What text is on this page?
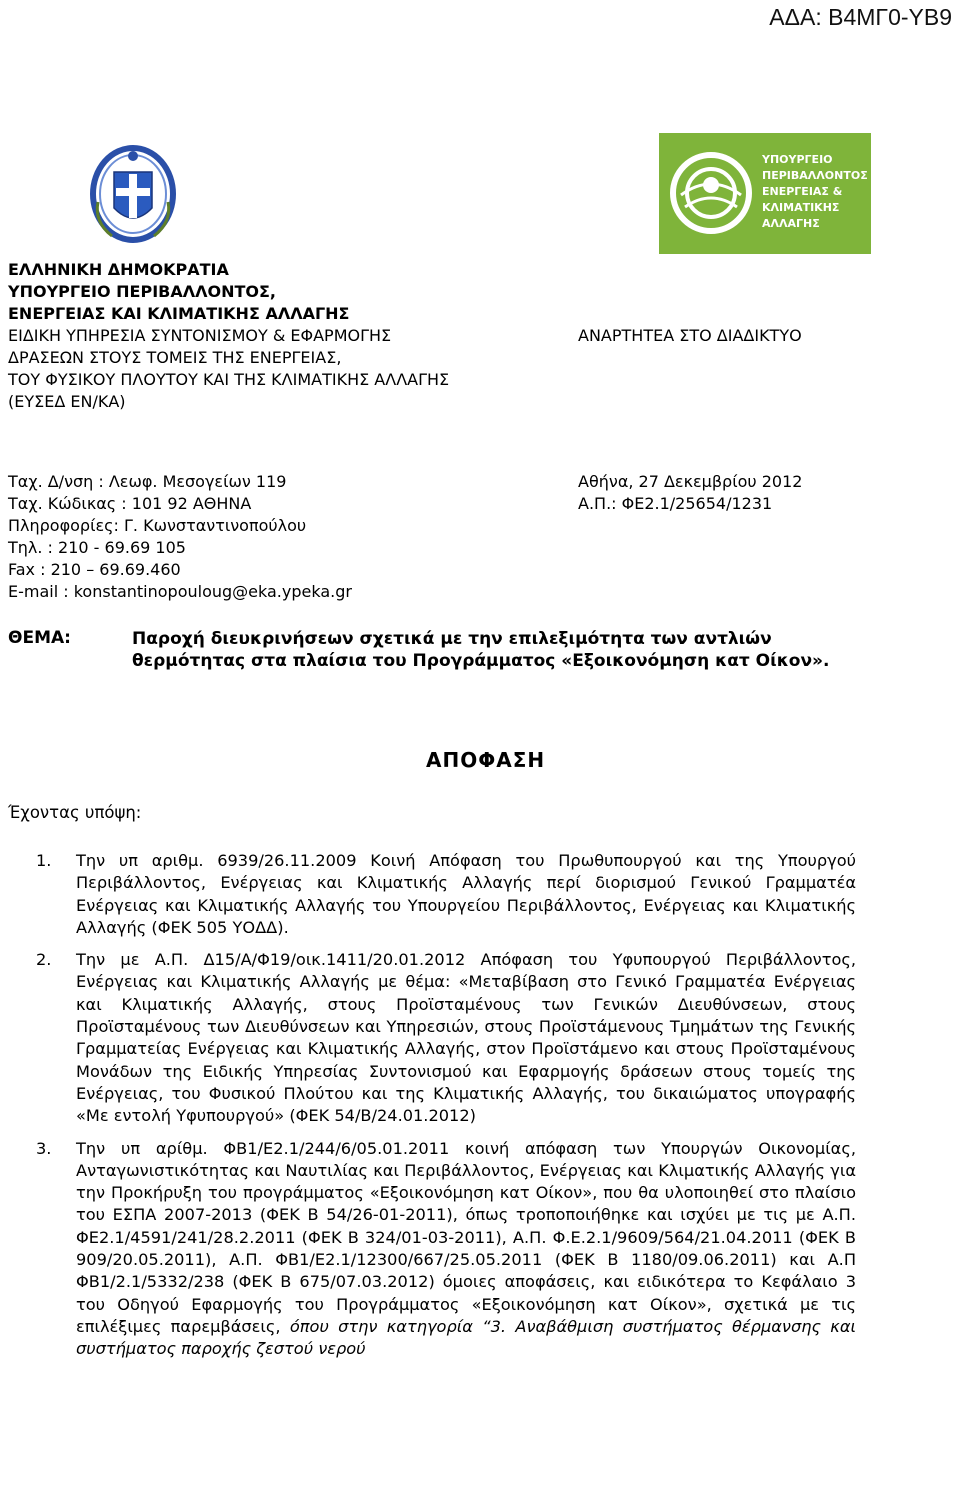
ΑΔΑ: Β4ΜΓ0-ΥΒ9
ΥΠΟΥΡΓΕΙΟ
ΠΕΡΙΒΑΛΛΟΝΤΟΣ
ΕΝΕΡΓΕΙΑΣ &
ΚΛΙΜΑΤΙΚΗΣ
ΑΛΛΑΓΗΣ
ΕΛΛΗΝΙΚΗ ΔΗΜΟΚΡΑΤΙΑ
ΥΠΟΥΡΓΕΙΟ ΠΕΡΙΒΑΛΛΟΝΤΟΣ,
ΕΝΕΡΓΕΙΑΣ ΚΑΙ ΚΛΙΜΑΤΙΚΗΣ ΑΛΛΑΓΗΣ
ΕΙΔΙΚΗ ΥΠΗΡΕΣΙΑ ΣΥΝΤΟΝΙΣΜΟΥ & ΕΦΑΡΜΟΓΗΣ
ΔΡΑΣΕΩΝ ΣΤΟΥΣ ΤΟΜΕΙΣ ΤΗΣ ΕΝΕΡΓΕΙΑΣ,
ΤΟΥ ΦΥΣΙΚΟΥ ΠΛΟΥΤΟΥ ΚΑΙ ΤΗΣ ΚΛΙΜΑΤΙΚΗΣ ΑΛΛΑΓΗΣ
(ΕΥΣΕΔ ΕΝ/ΚΑ)
ΑΝΑΡΤΗΤΕΑ ΣΤΟ ΔΙΑΔΙΚΤΥΟ
Ταχ. Δ/νση : Λεωφ. Μεσογείων 119
Ταχ. Κώδικας : 101 92 ΑΘΗΝΑ
Πληροφορίες: Γ. Κωνσταντινοπούλου
Τηλ. : 210 - 69.69 105
Fax : 210 – 69.69.460
E-mail : konstantinopouloug@eka.ypeka.gr
Αθήνα, 27 Δεκεμβρίου 2012
Α.Π.: ΦΕ2.1/25654/1231
ΘΕΜΑ:	Παροχή διευκρινήσεων σχετικά με την επιλεξιμότητα των αντλιών θερμότητας στα πλαίσια του Προγράμματος «Εξοικονόμηση κατ Οίκον».
ΑΠΟΦΑΣΗ
Έχοντας υπόψη:
1.	Την υπ αριθμ. 6939/26.11.2009 Κοινή Απόφαση του Πρωθυπουργού και της Υπουργού Περιβάλλοντος, Ενέργειας και Κλιματικής Αλλαγής περί διορισμού Γενικού Γραμματέα Ενέργειας και Κλιματικής Αλλαγής του Υπουργείου Περιβάλλοντος, Ενέργειας και Κλιματικής Αλλαγής (ΦΕΚ 505 ΥΟΔΔ).
2.	Την με Α.Π. Δ15/Α/Φ19/οικ.1411/20.01.2012 Απόφαση του Υφυπουργού Περιβάλλοντος, Ενέργειας και Κλιματικής Αλλαγής με θέμα: «Μεταβίβαση στο Γενικό Γραμματέα Ενέργειας και Κλιματικής Αλλαγής, στους Προϊσταμένους των Γενικών Διευθύνσεων, στους Προϊσταμένους των Διευθύνσεων και Υπηρεσιών, στους Προϊστάμενους Τμημάτων της Γενικής Γραμματείας Ενέργειας και Κλιματικής Αλλαγής, στον Προϊστάμενο και στους Προϊσταμένους Μονάδων της Ειδικής Υπηρεσίας Συντονισμού και Εφαρμογής δράσεων στους τομείς της Ενέργειας, του Φυσικού Πλούτου και της Κλιματικής Αλλαγής, του δικαιώματος υπογραφής «Με εντολή Υφυπουργού» (ΦΕΚ 54/Β/24.01.2012)
3.	Την υπ αρίθμ. ΦΒ1/Ε2.1/244/6/05.01.2011 κοινή απόφαση των Υπουργών Οικονομίας, Ανταγωνιστικότητας και Ναυτιλίας και Περιβάλλοντος, Ενέργειας και Κλιματικής Αλλαγής για την Προκήρυξη του προγράμματος «Εξοικονόμηση κατ Οίκον», που θα υλοποιηθεί στο πλαίσιο του ΕΣΠΑ 2007-2013 (ΦΕΚ Β 54/26-01-2011), όπως τροποποιήθηκε και ισχύει με τις με Α.Π. ΦΕ2.1/4591/241/28.2.2011 (ΦΕΚ Β 324/01-03-2011), Α.Π. Φ.Ε.2.1/9609/564/21.04.2011 (ΦΕΚ Β 909/20.05.2011), Α.Π. ΦΒ1/Ε2.1/12300/667/25.05.2011 (ΦΕΚ Β 1180/09.06.2011) και Α.Π ΦΒ1/2.1/5332/238 (ΦΕΚ Β 675/07.03.2012) όμοιες αποφάσεις, και ειδικότερα το Κεφάλαιο 3 του Οδηγού Εφαρμογής του Προγράμματος «Εξοικονόμηση κατ Οίκον», σχετικά με τις επιλέξιμες παρεμβάσεις, όπου στην κατηγορία “3. Αναβάθμιση συστήματος θέρμανσης και συστήματος παροχής ζεστού νερού
